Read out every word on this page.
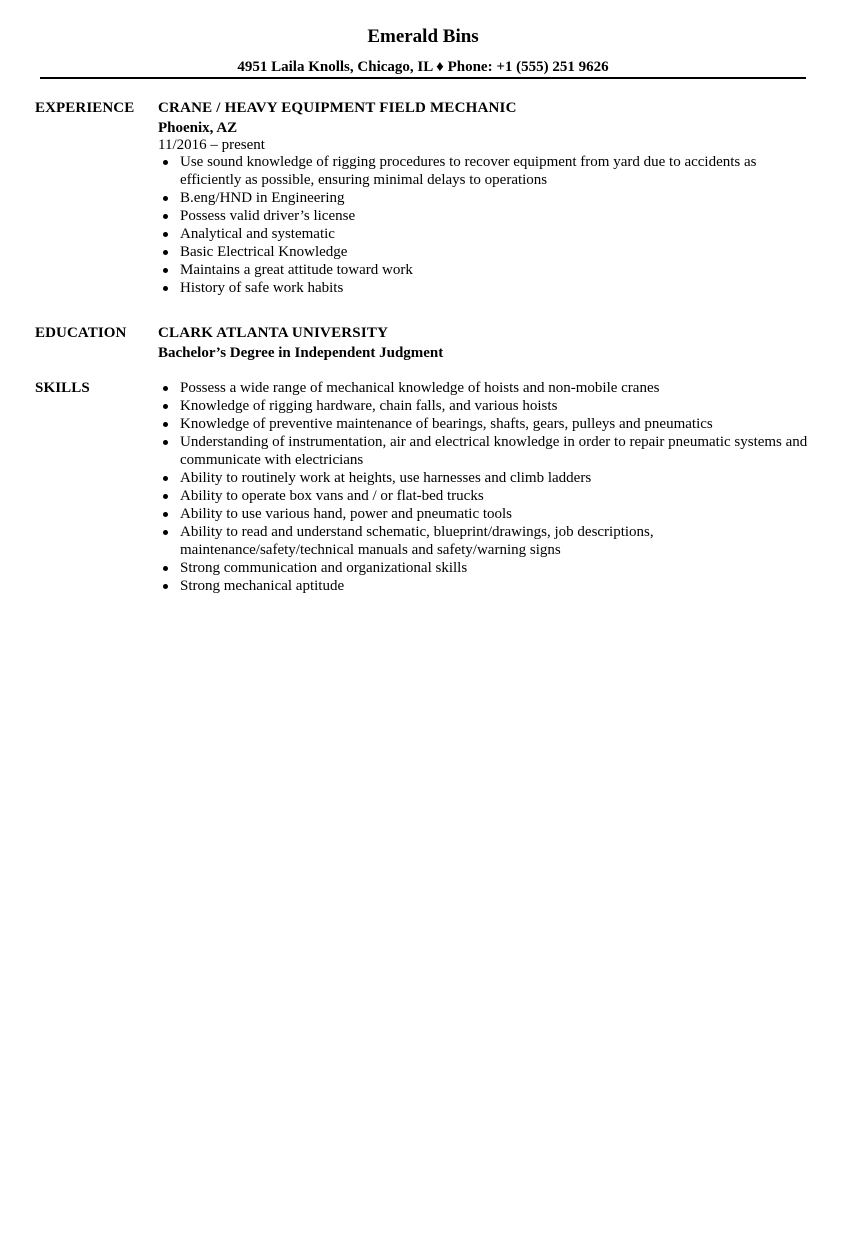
Emerald Bins
4951 Laila Knolls, Chicago, IL ♦ Phone: +1 (555) 251 9626
EXPERIENCE CRANE / HEAVY EQUIPMENT FIELD MECHANIC
Phoenix, AZ
11/2016 – present
Use sound knowledge of rigging procedures to recover equipment from yard due to accidents as efficiently as possible, ensuring minimal delays to operations
B.eng/HND in Engineering
Possess valid driver’s license
Analytical and systematic
Basic Electrical Knowledge
Maintains a great attitude toward work
History of safe work habits
EDUCATION CLARK ATLANTA UNIVERSITY
Bachelor’s Degree in Independent Judgment
SKILLS	Possess a wide range of mechanical knowledge of hoists and non-mobile cranes
Knowledge of rigging hardware, chain falls, and various hoists
Knowledge of preventive maintenance of bearings, shafts, gears, pulleys and pneumatics
Understanding of instrumentation, air and electrical knowledge in order to repair pneumatic systems and communicate with electricians
Ability to routinely work at heights, use harnesses and climb ladders
Ability to operate box vans and / or flat-bed trucks
Ability to use various hand, power and pneumatic tools
Ability to read and understand schematic, blueprint/drawings, job descriptions, maintenance/safety/technical manuals and safety/warning signs
Strong communication and organizational skills
Strong mechanical aptitude
